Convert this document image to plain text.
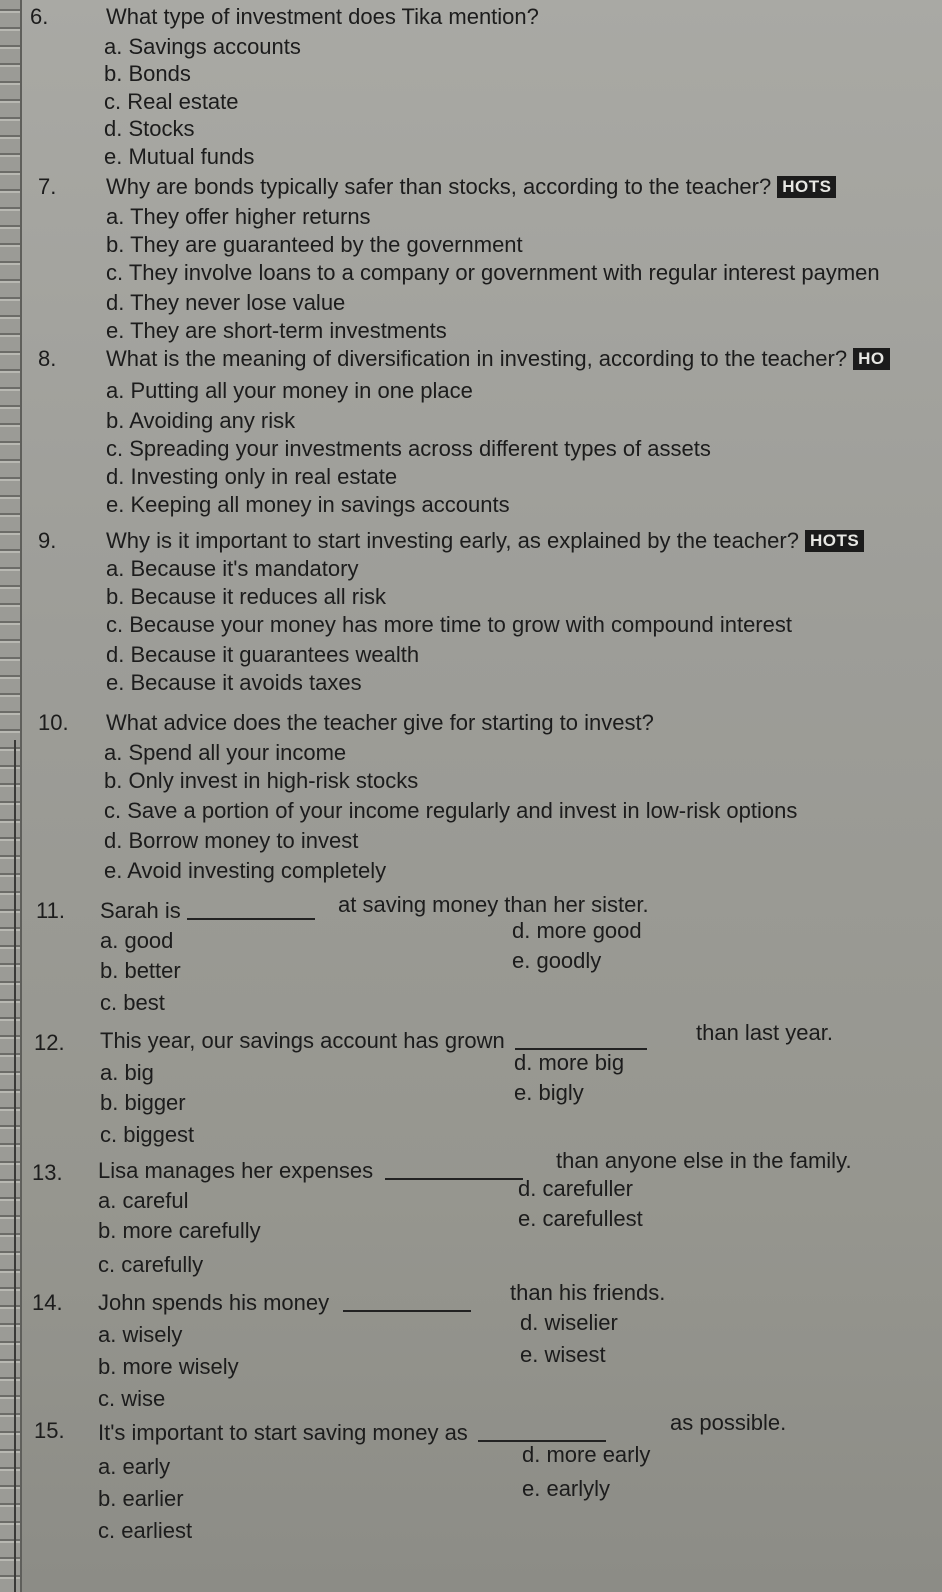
6.	What type of investment does Tika mention?
a. Savings accounts
b. Bonds
c. Real estate
d. Stocks
e. Mutual funds
7. Why are bonds typically safer than stocks, according to the teacher? HOTS
a. They offer higher returns
b. They are guaranteed by the government
c. They involve loans to a company or government with regular interest paymen
d. They never lose value
e. They are short-term investments
8. What is the meaning of diversification in investing, according to the teacher? HO
a. Putting all your money in one place
b. Avoiding any risk
c. Spreading your investments across different types of assets
d. Investing only in real estate
e. Keeping all money in savings accounts
9. Why is it important to start investing early, as explained by the teacher? HOTS
a. Because it's mandatory
b. Because it reduces all risk
c. Because your money has more time to grow with compound interest
d. Because it guarantees wealth
e. Because it avoids taxes
10. What advice does the teacher give for starting to invest?
a. Spend all your income
b. Only invest in high-risk stocks
c. Save a portion of your income regularly and invest in low-risk options
d. Borrow money to invest
e. Avoid investing completely
11. Sarah is	at saving money than her sister.
a. good
b. better
c. best
d. more good
e. goodly
12. This year, our savings account has grown	than last year.
a. big
b. bigger
c. biggest
d. more big
e. bigly
13. Lisa manages her expenses	than anyone else in the family.
a. careful
b. more carefully
c. carefully
d. carefuller
e. carefullest
14. John spends his money	than his friends.
a. wisely
b. more wisely
c. wise
d. wiselier
e. wisest
15. It's important to start saving money as	as possible.
a. early
b. earlier
c. earliest
d. more early
e. earlyly
